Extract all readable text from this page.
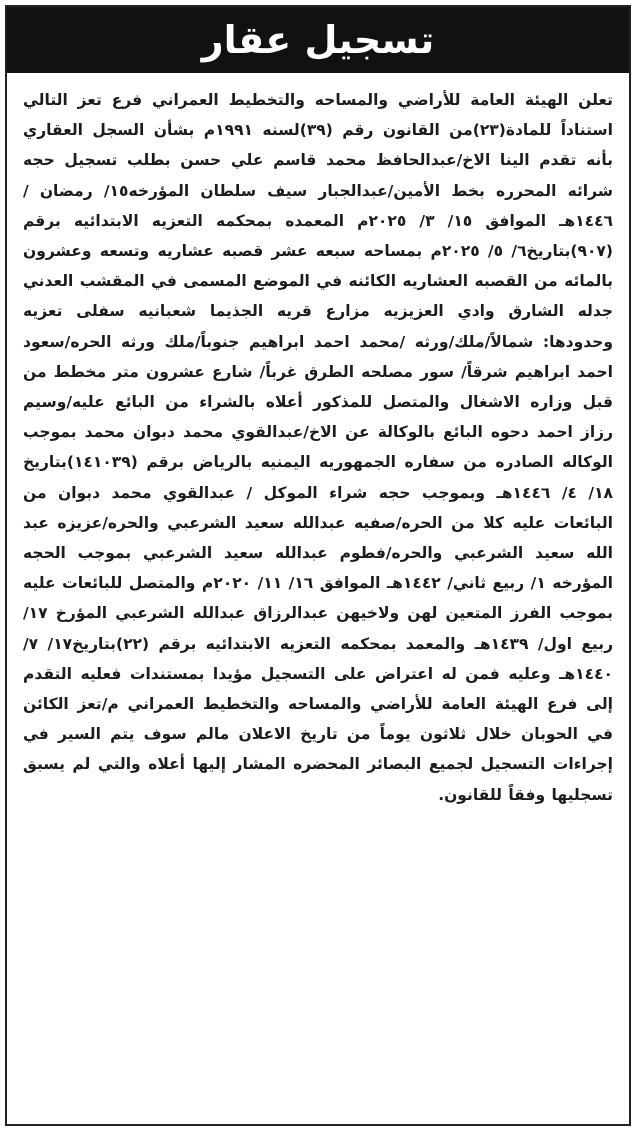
تسجيل عقار
تعلن الهيئة العامة للأراضي والمساحه والتخطيط العمراني فرع تعز التالي استناداً للمادة(٢٣)من القانون رقم (٣٩)لسنه ١٩٩١م بشأن السجل العقاري بأنه تقدم الينا الاخ/عبدالحافظ محمد قاسم علي حسن بطلب تسجيل حجه شرائه المحرره بخط الأمين/عبدالجبار سيف سلطان المؤرخه١٥/ رمضان /١٤٤٦هـ الموافق ١٥/ ٣/ ٢٠٢٥م المعمده بمحكمه التعزيه الابتدائيه برقم (٩٠٧)بتاريخ٦/ ٥/ ٢٠٢٥م بمساحه سبعه عشر قصبه عشاريه وتسعه وعشرون بالمائه من القصبه العشاريه الكائنه في الموضع المسمى في المقشب العدني جدله الشارق وادي العزيزيه مزارع قريه الجذيما شعبانيه سفلى تعزيه وحدودها: شمالاً/ملك/ورثه /محمد احمد ابراهيم جنوباً/ملك ورثه الحره/سعود احمد ابراهيم شرقاً/ سور مصلحه الطرق غرباً/ شارع عشرون متر مخطط من قبل وزاره الاشغال والمتصل للمذكور أعلاه بالشراء من البائع عليه/وسيم رزاز احمد دحوه البائع بالوكالة عن الاخ/عبدالقوي محمد دبوان محمد بموجب الوكاله الصادره من سفاره الجمهوريه اليمنيه بالرياض برقم (١٤١٠٣٩)بتاريخ ١٨/ ٤/ ١٤٤٦هـ وبموجب حجه شراء الموكل / عبدالقوي محمد دبوان من البائعات عليه كلا من الحره/صفيه عبدالله سعيد الشرعبي والحره/عزيزه عبد الله سعيد الشرعبي والحره/فطوم عبدالله سعيد الشرعبي بموجب الحجه المؤرخه ١/ ربيع ثاني/ ١٤٤٢هـ الموافق ١٦/ ١١/ ٢٠٢٠م والمتصل للبائعات عليه بموجب الفرز المتعين لهن ولاخيهن عبدالرزاق عبدالله الشرعبي المؤرخ ١٧/ ربيع اول/ ١٤٣٩هـ والمعمد بمحكمه التعزيه الابتدائيه برقم (٢٢)بتاريخ١٧/ ٧/ ١٤٤٠هـ وعليه فمن له اعتراض على التسجيل مؤيدا بمستندات فعليه التقدم إلى فرع الهيئة العامة للأراضي والمساحه والتخطيط العمراني م/تعز الكائن في الحوبان خلال ثلاثون يوماً من تاريخ الاعلان مالم سوف يتم السير في إجراءات التسجيل لجميع البصائر المحضره المشار إليها أعلاه والتي لم يسبق تسجليها وفقاً للقانون.
